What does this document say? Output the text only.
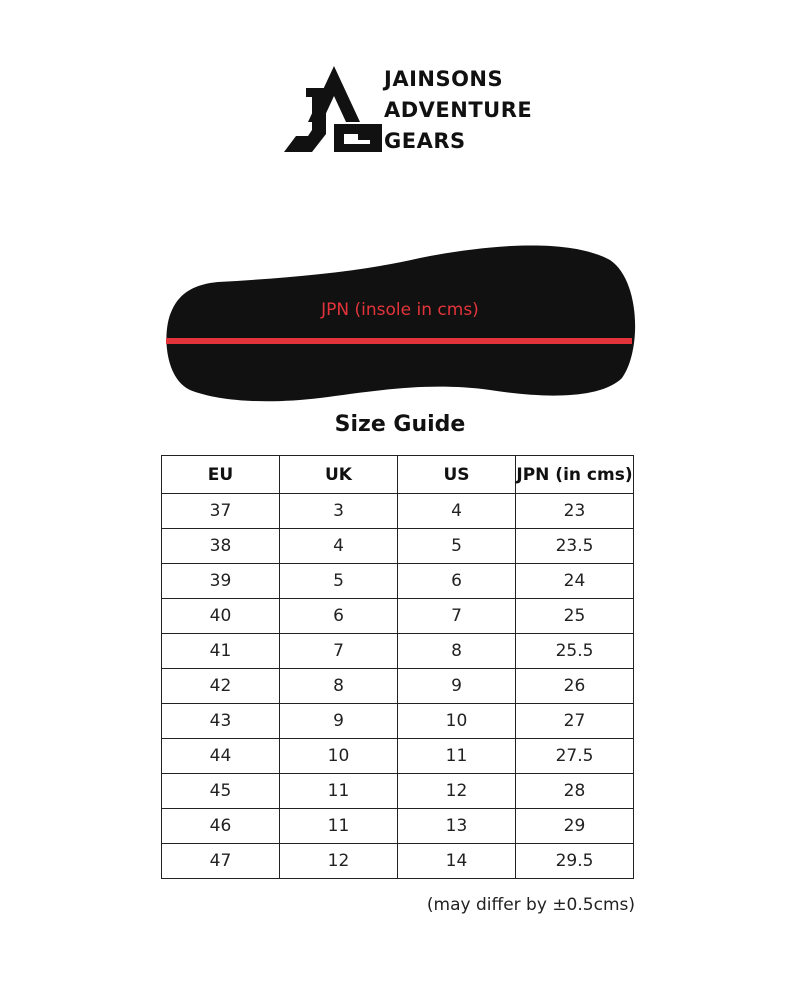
JAINSONS
ADVENTURE
GEARS
JPN (insole in cms)
Size Guide
EU	UK	US	JPN (in cms)
37	3	4	23
38	4	5	23.5
39	5	6	24
40	6	7	25
41	7	8	25.5
42	8	9	26
43	9	10	27
44	10	11	27.5
45	11	12	28
46	11	13	29
47	12	14	29.5
(may differ by ±0.5cms)
